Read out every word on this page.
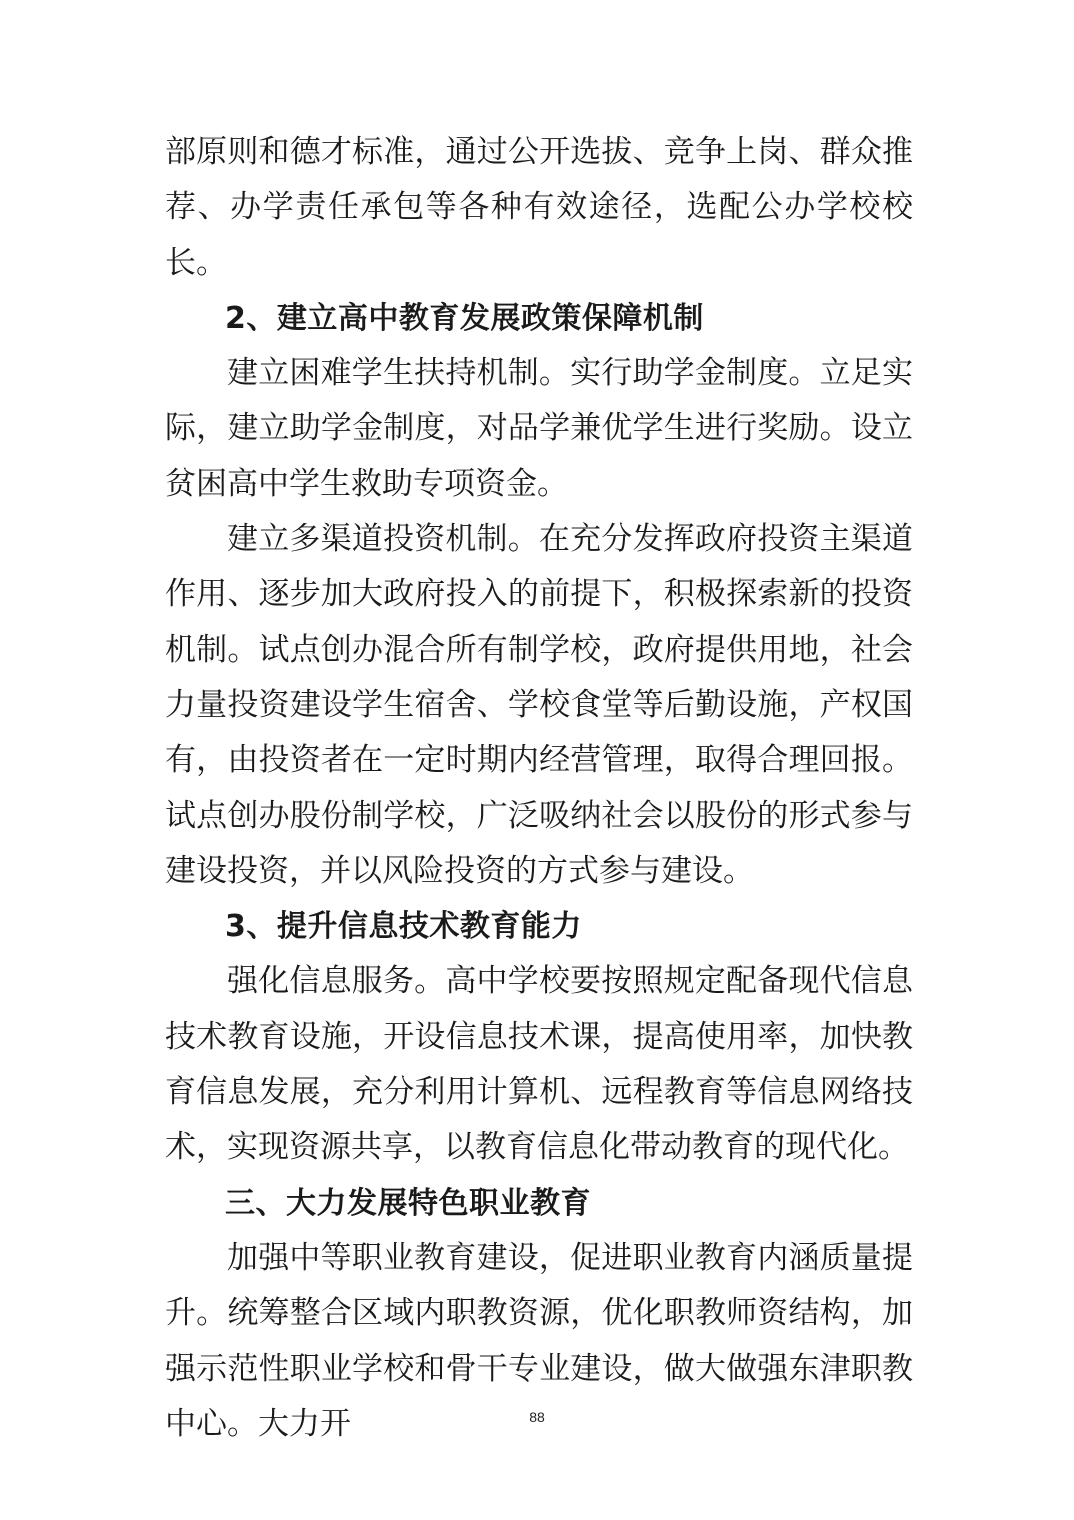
部原则和德才标准，通过公开选拔、竞争上岗、群众推荐、办学责任承包等各种有效途径，选配公办学校校长。

2、建立高中教育发展政策保障机制

建立困难学生扶持机制。实行助学金制度。立足实际，建立助学金制度，对品学兼优学生进行奖励。设立贫困高中学生救助专项资金。

建立多渠道投资机制。在充分发挥政府投资主渠道作用、逐步加大政府投入的前提下，积极探索新的投资机制。试点创办混合所有制学校，政府提供用地，社会力量投资建设学生宿舍、学校食堂等后勤设施，产权国有，由投资者在一定时期内经营管理，取得合理回报。试点创办股份制学校，广泛吸纳社会以股份的形式参与建设投资，并以风险投资的方式参与建设。

3、提升信息技术教育能力

强化信息服务。高中学校要按照规定配备现代信息技术教育设施，开设信息技术课，提高使用率，加快教育信息发展，充分利用计算机、远程教育等信息网络技术，实现资源共享，以教育信息化带动教育的现代化。

三、大力发展特色职业教育

加强中等职业教育建设，促进职业教育内涵质量提升。统筹整合区域内职教资源，优化职教师资结构，加强示范性职业学校和骨干专业建设，做大做强东津职教中心。大力开	88
